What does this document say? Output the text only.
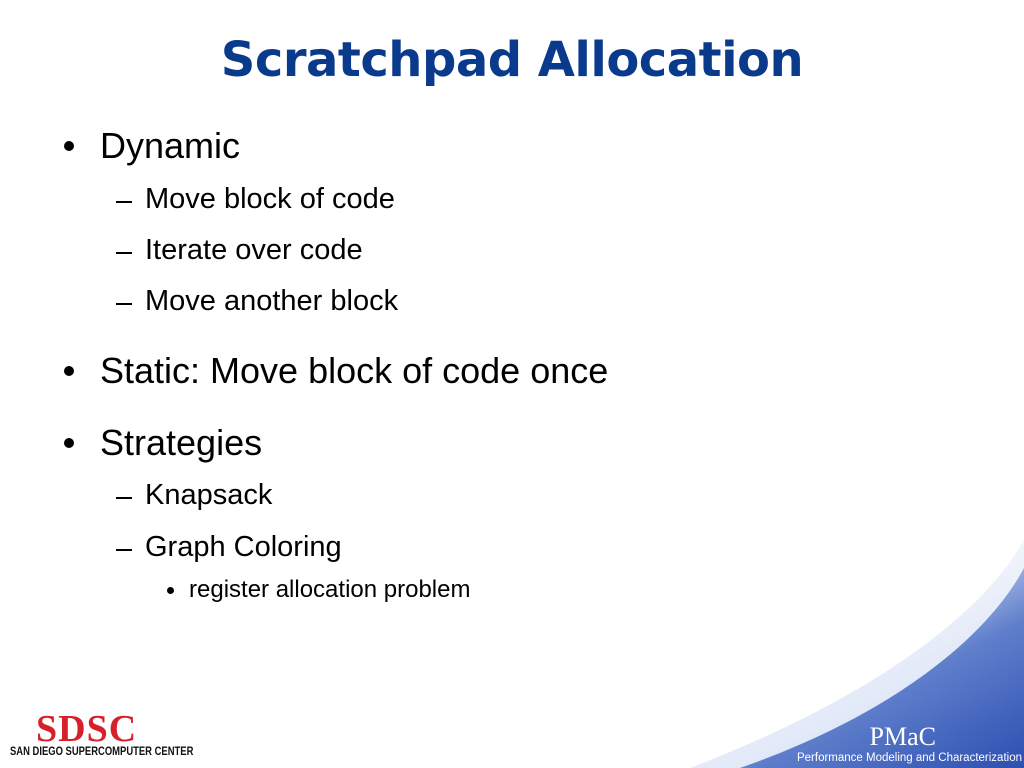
Scratchpad Allocation
Dynamic
Move block of code
Iterate over code
Move another block
Static: Move block of code once
Strategies
Knapsack
Graph Coloring
register allocation problem
SDSC
SAN DIEGO SUPERCOMPUTER CENTER
PMaC
Performance Modeling and Characterization
